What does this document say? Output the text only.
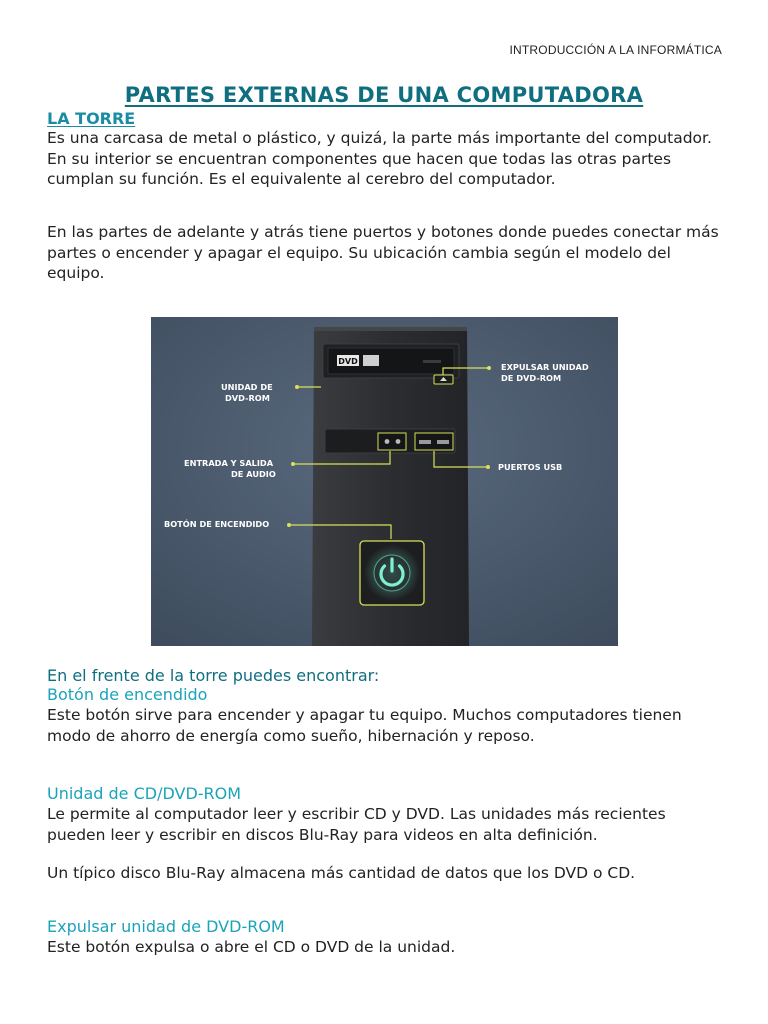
INTRODUCCIÓN A LA INFORMÁTICA
PARTES EXTERNAS DE UNA COMPUTADORA
LA TORRE

Es una carcasa de metal o plástico, y quizá, la parte más importante del computador. En su interior se encuentran componentes que hacen que todas las otras partes cumplan su función. Es el equivalente al cerebro del computador.

En las partes de adelante y atrás tiene puertos y botones donde puedes conectar más partes o encender y apagar el equipo. Su ubicación cambia según el modelo del equipo.

DVD
UNIDAD DE
DVD-ROM
EXPULSAR UNIDAD
DE DVD-ROM
ENTRADA Y SALIDA
DE AUDIO
PUERTOS USB
BOTÓN DE ENCENDIDO
En el frente de la torre puedes encontrar:
Botón de encendido

Este botón sirve para encender y apagar tu equipo. Muchos computadores tienen modo de ahorro de energía como sueño, hibernación y reposo.

Unidad de CD/DVD-ROM

Le permite al computador leer y escribir CD y DVD. Las unidades más recientes pueden leer y escribir en discos Blu-Ray para videos en alta definición.

Un típico disco Blu-Ray almacena más cantidad de datos que los DVD o CD.

Expulsar unidad de DVD-ROM

Este botón expulsa o abre el CD o DVD de la unidad.
